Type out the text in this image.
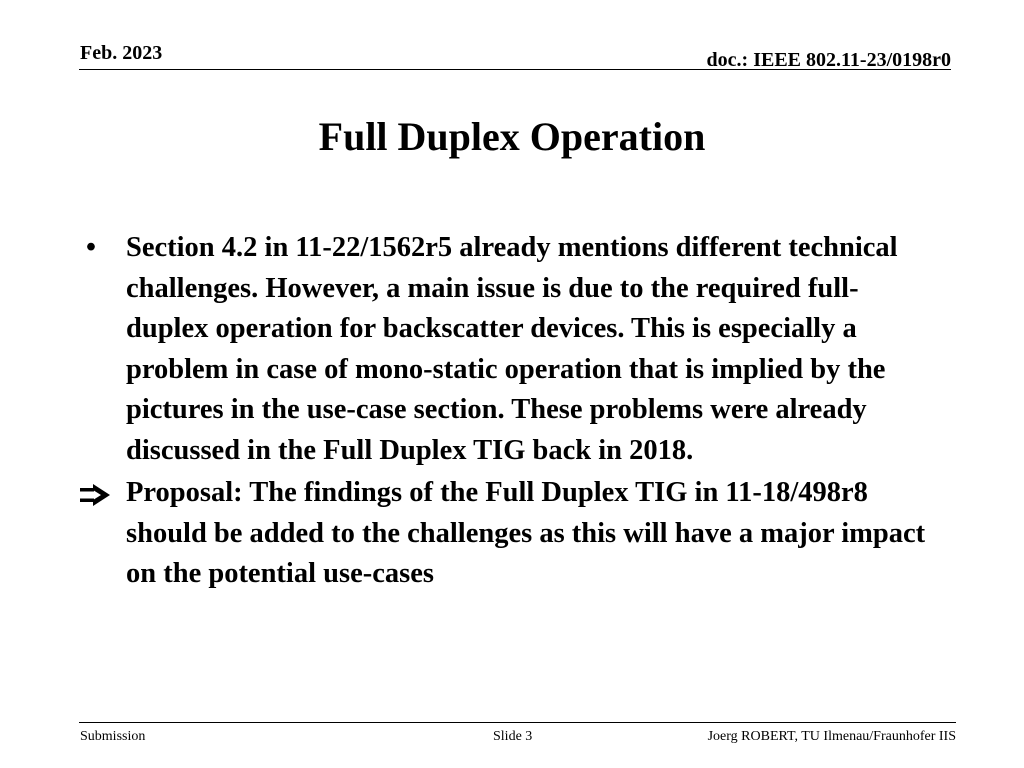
Feb. 2023	doc.: IEEE 802.11-23/0198r0
Full Duplex Operation
•	Section 4.2 in 11-22/1562r5 already mentions different technical challenges. However, a main issue is due to the required full-duplex operation for backscatter devices. This is especially a problem in case of mono-static operation that is implied by the pictures in the use-case section. These problems were already discussed in the Full Duplex TIG back in 2018.
Proposal: The findings of the Full Duplex TIG in 11-18/498r8 should be added to the challenges as this will have a major impact on the potential use-cases
Submission	Slide 3	Joerg ROBERT, TU Ilmenau/Fraunhofer IIS
